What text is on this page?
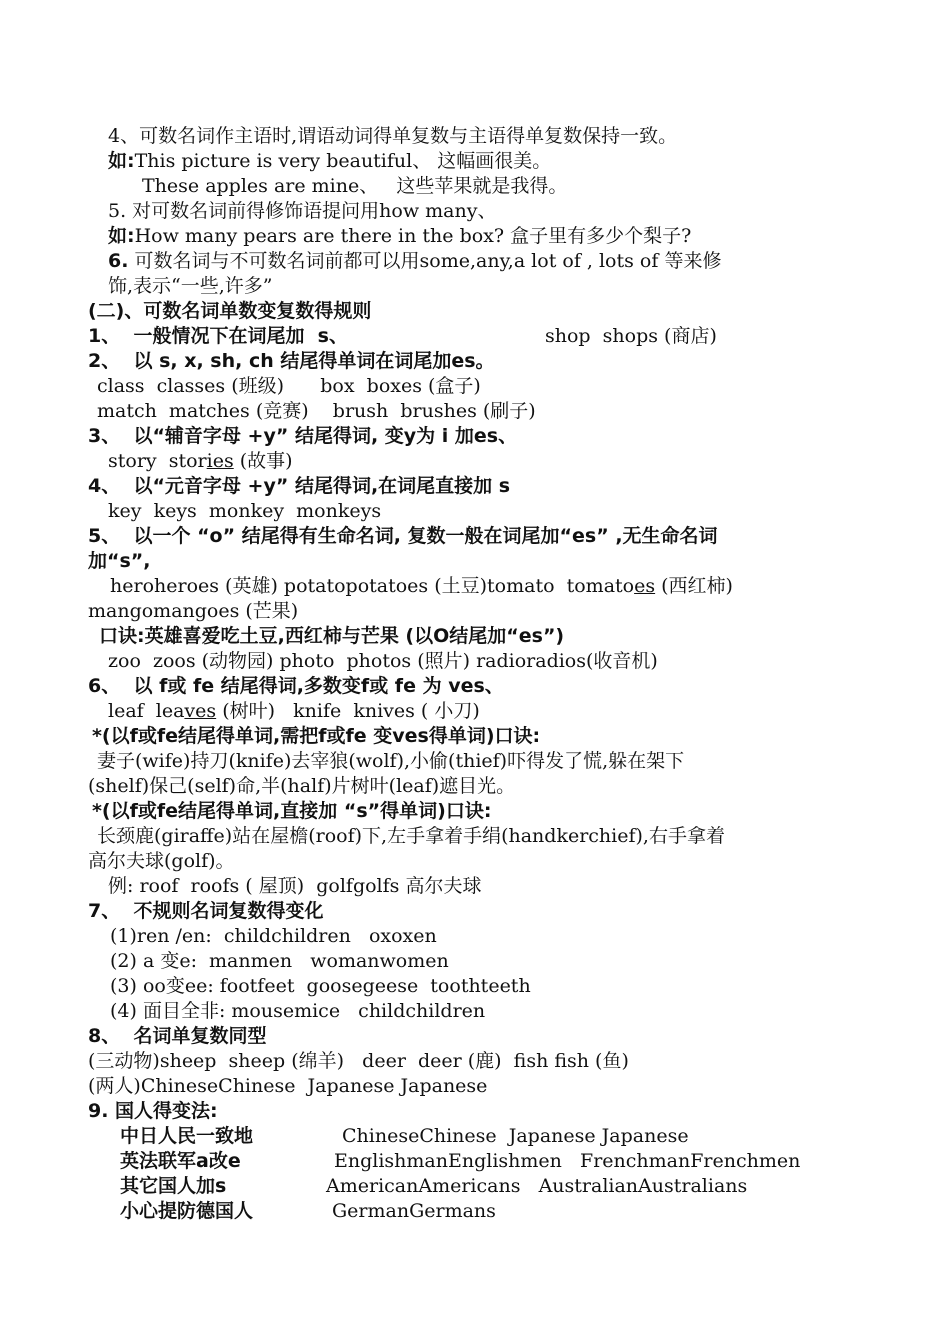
4、可数名词作主语时,谓语动词得单复数与主语得单复数保持一致。
如:This picture is very beautiful、 这幅画很美。
These apples are mine、   这些苹果就是我得。
5. 对可数名词前得修饰语提问用how many、
如:How many pears are there in the box? 盒子里有多少个梨子?
6. 可数名词与不可数名词前都可以用some,any,a lot of , lots of 等来修
饰,表示“一些,许多”
(二)、可数名词单数变复数得规则
1、  一般情况下在词尾加  s、	shop  shops (商店)
2、  以 s, x, sh, ch 结尾得单词在词尾加es。
class  classes (班级)      box  boxes (盒子)
match  matches (竞赛)    brush  brushes (刷子)
3、  以“辅音字母 +y” 结尾得词, 变y为 i 加es、
story  stories (故事)
4、  以“元音字母 +y” 结尾得词,在词尾直接加 s
key  keys  monkey  monkeys
5、  以一个 “o” 结尾得有生命名词, 复数一般在词尾加“es” ,无生命名词
加“s”,
heroheroes (英雄) potatopotatoes (土豆)tomato  tomatoes (西红柿)
mangomangoes (芒果)
口诀:英雄喜爱吃土豆,西红柿与芒果 (以O结尾加“es”)
zoo  zoos (动物园) photo  photos (照片) radioradios(收音机)
6、  以 f或 fe 结尾得词,多数变f或 fe 为 ves、
leaf  leaves (树叶)   knife  knives ( 小刀)
*(以f或fe结尾得单词,需把f或fe 变ves得单词)口诀:
妻子(wife)持刀(knife)去宰狼(wolf),小偷(thief)吓得发了慌,躲在架下
(shelf)保己(self)命,半(half)片树叶(leaf)遮目光。
*(以f或fe结尾得单词,直接加 “s”得单词)口诀:
长颈鹿(giraffe)站在屋檐(roof)下,左手拿着手绢(handkerchief),右手拿着
高尔夫球(golf)。
例: roof  roofs ( 屋顶)  golfgolfs 高尔夫球
7、  不规则名词复数得变化
(1)ren /en:  childchildren   oxoxen
(2) a 变e:  manmen   womanwomen
(3) oo变ee: footfeet  goosegeese  toothteeth
(4) 面目全非: mousemice   childchildren
8、  名词单复数同型
(三动物)sheep  sheep (绵羊)   deer  deer (鹿)  fish fish (鱼)
(两人)ChineseChinese  Japanese Japanese
9. 国人得变法:
中日人民一致地	ChineseChinese  Japanese Japanese
英法联军a改e	EnglishmanEnglishmen   FrenchmanFrenchmen
其它国人加s	AmericanAmericans   AustralianAustralians
小心提防德国人	GermanGermans
